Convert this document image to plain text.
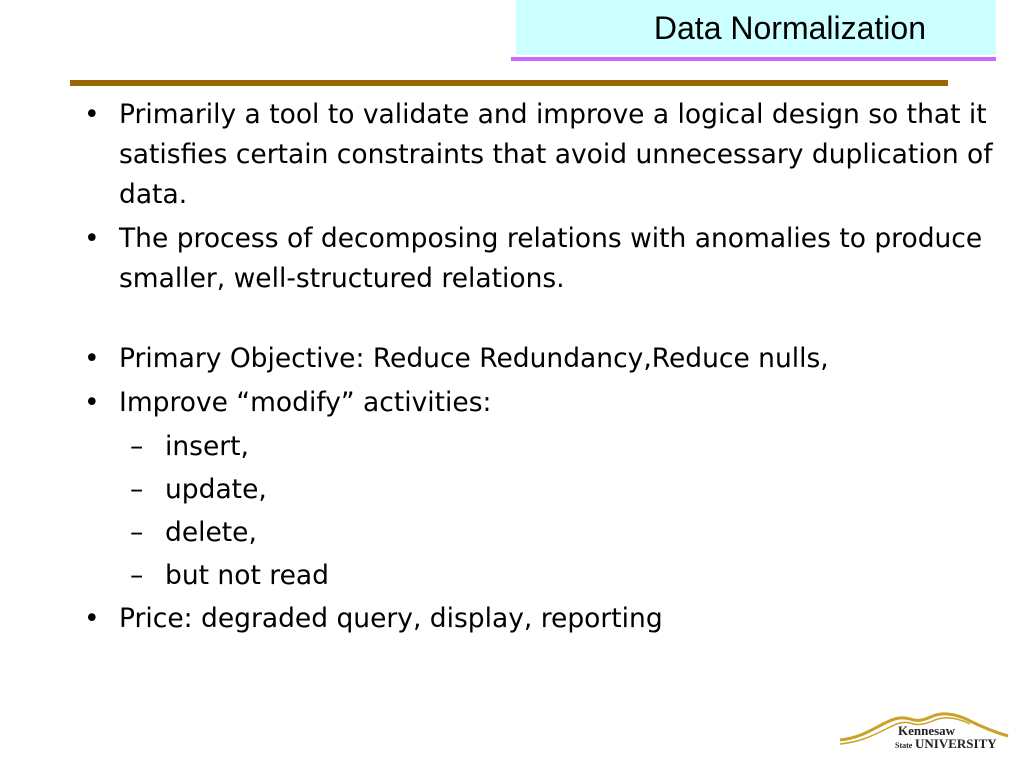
Data Normalization
• Primarily a tool to validate and improve a logical design so that it satisfies certain constraints that avoid unnecessary duplication of data.
• The process of decomposing relations with anomalies to produce smaller, well-structured relations.
• Primary Objective: Reduce Redundancy,Reduce nulls,
• Improve “modify” activities:
– insert,
– update,
– delete,
– but not read
• Price: degraded query, display, reporting
Kennesaw
State UNIVERSITY
